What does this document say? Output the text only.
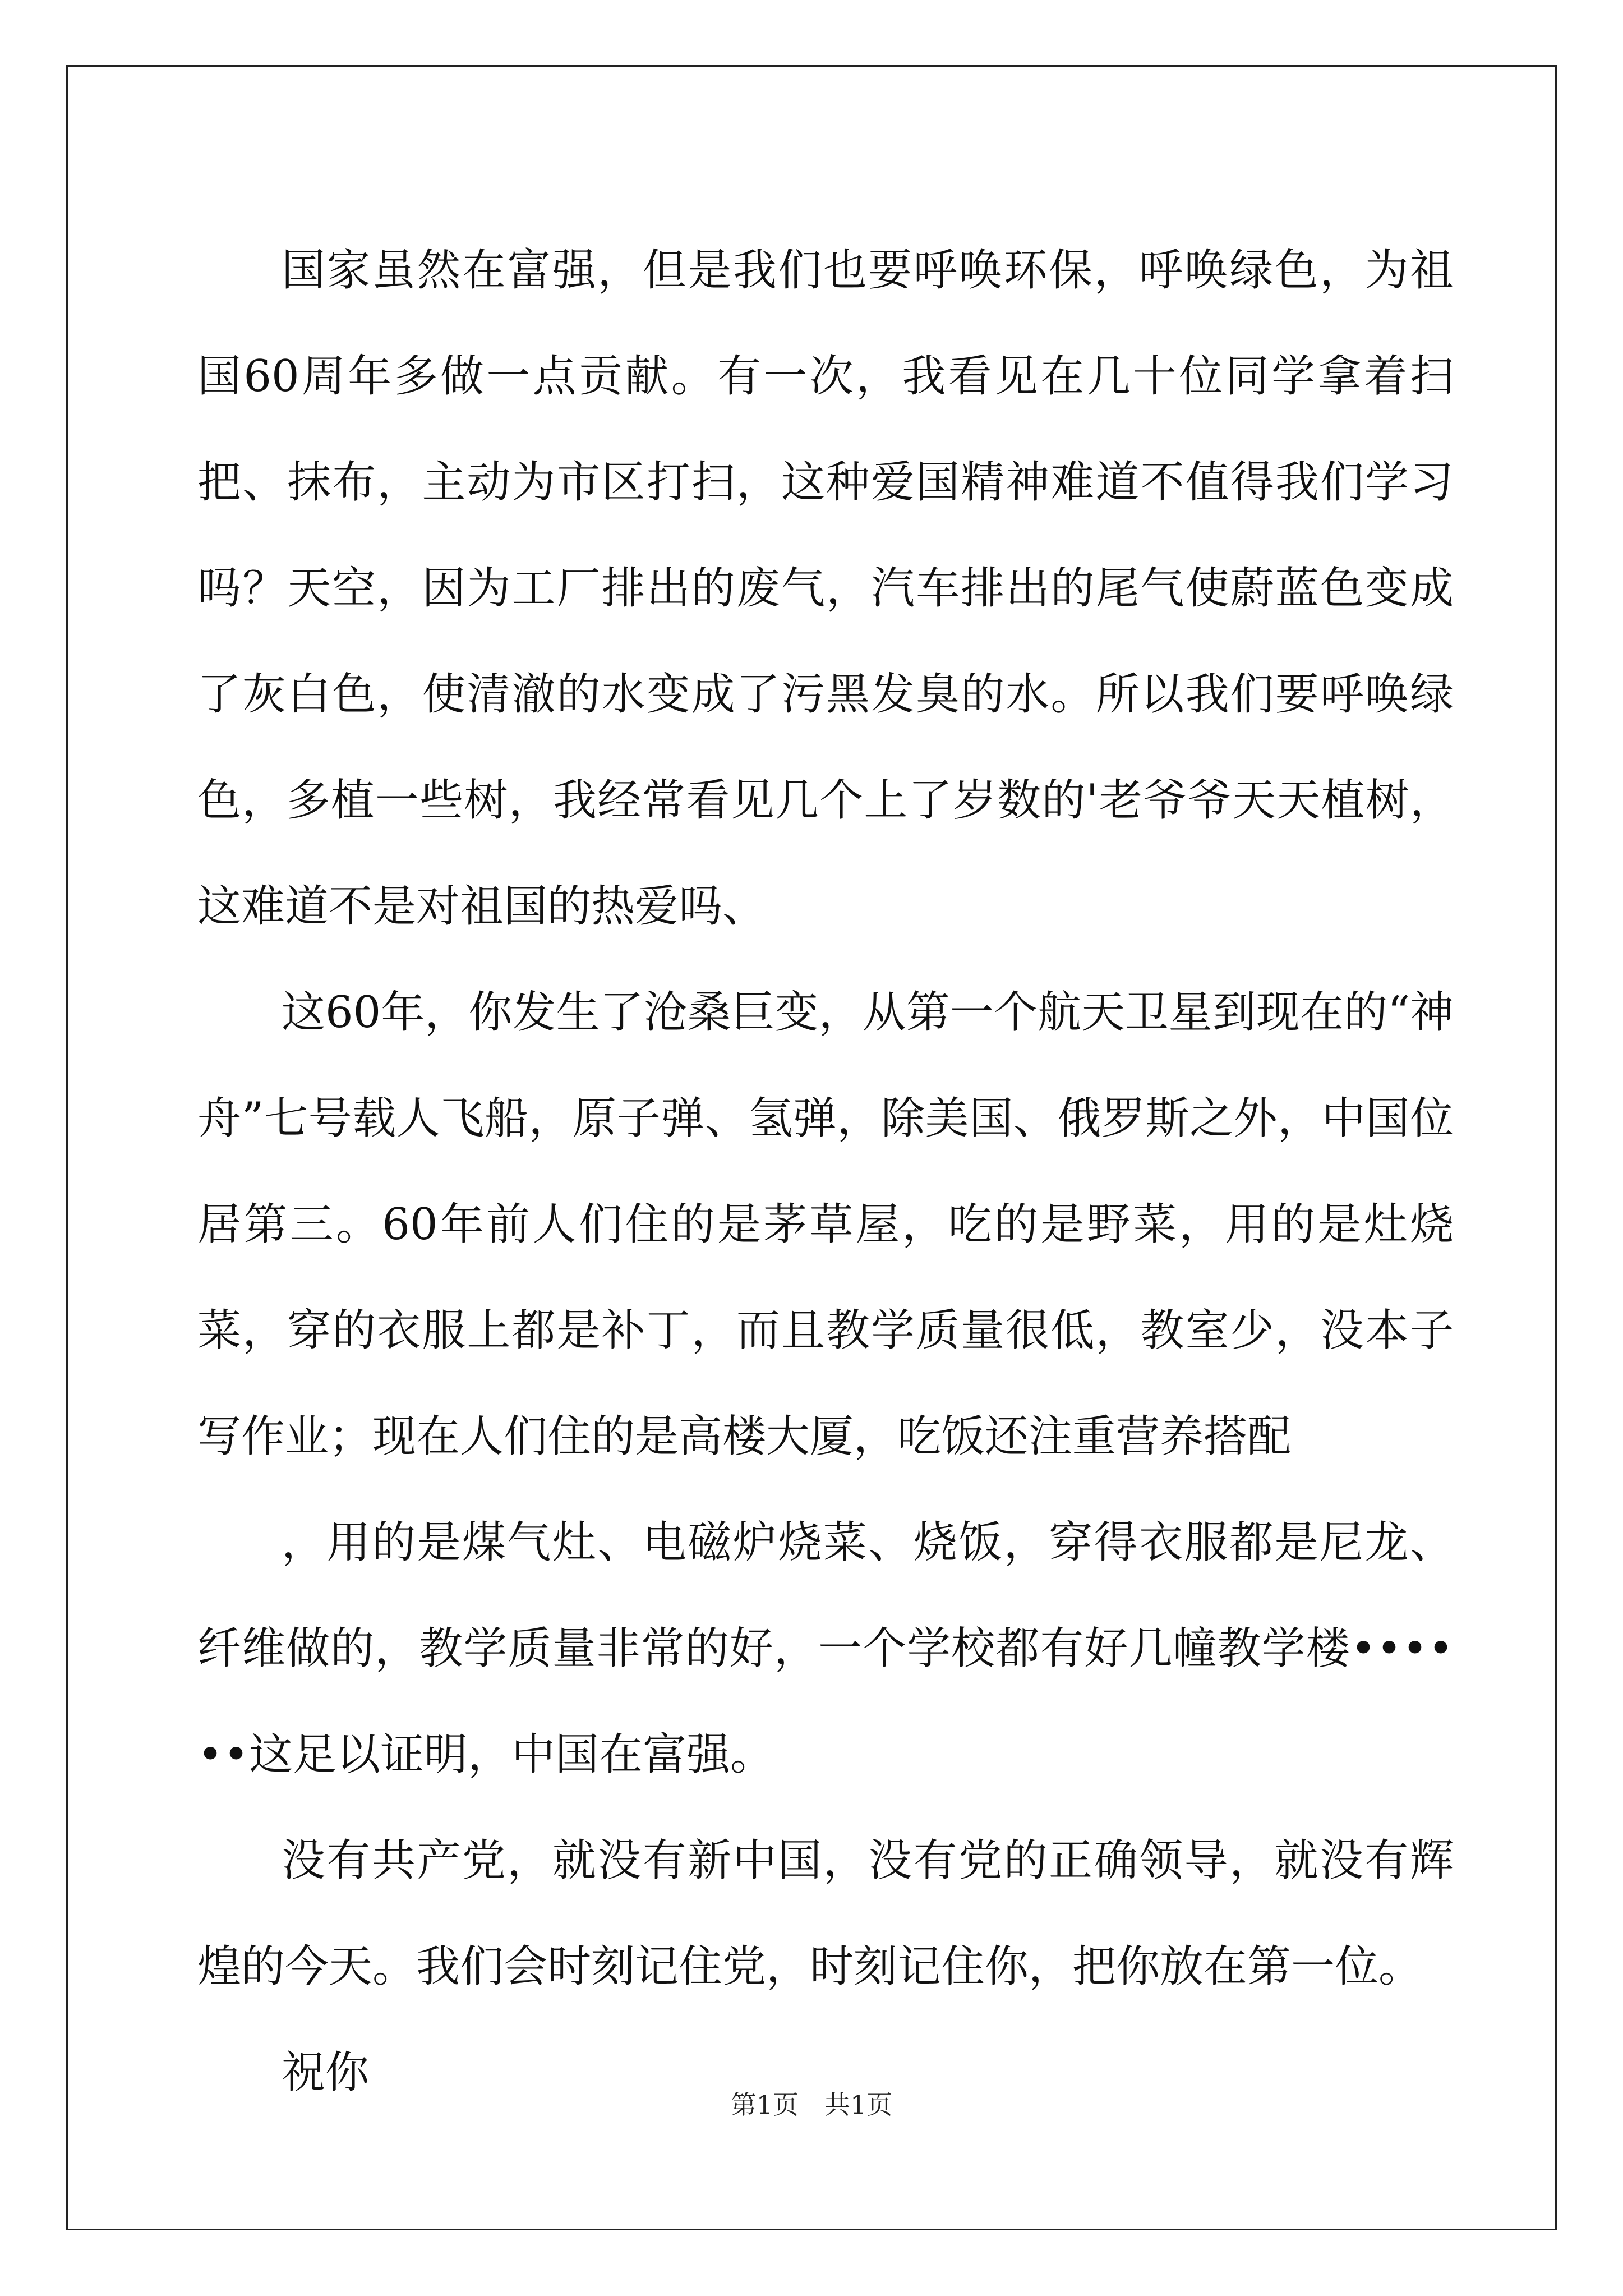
国家虽然在富强，但是我们也要呼唤环保，呼唤绿色，为祖国60周年多做一点贡献。有一次，我看见在几十位同学拿着扫把、抹布，主动为市区打扫，这种爱国精神难道不值得我们学习吗？天空，因为工厂排出的废气，汽车排出的尾气使蔚蓝色变成了灰白色，使清澈的水变成了污黑发臭的水。所以我们要呼唤绿色，多植一些树，我经常看见几个上了岁数的'老爷爷天天植树，这难道不是对祖国的热爱吗、

这60年，你发生了沧桑巨变，从第一个航天卫星到现在的“神舟”七号载人飞船，原子弹、氢弹，除美国、俄罗斯之外，中国位居第三。60年前人们住的是茅草屋，吃的是野菜，用的是灶烧菜，穿的衣服上都是补丁，而且教学质量很低，教室少，没本子写作业；现在人们住的是高楼大厦，吃饭还注重营养搭配

，用的是煤气灶、电磁炉烧菜、烧饭，穿得衣服都是尼龙、纤维做的，教学质量非常的好，一个学校都有好几幢教学楼••••••这足以证明，中国在富强。

没有共产党，就没有新中国，没有党的正确领导，就没有辉煌的今天。我们会时刻记住党，时刻记住你，把你放在第一位。

祝你

第1页　共1页
